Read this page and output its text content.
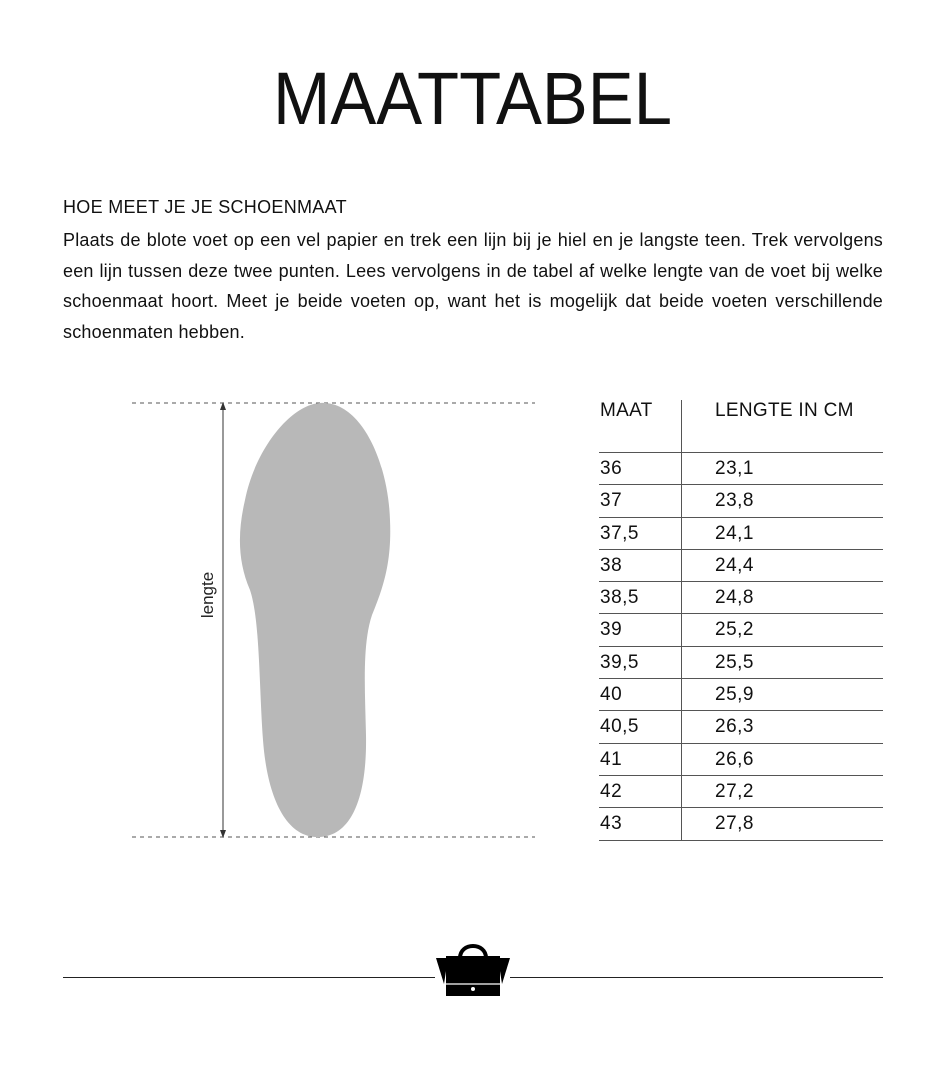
MAATTABEL
HOE MEET JE JE SCHOENMAAT
Plaats de blote voet op een vel papier en trek een lijn bij je hiel en je langste teen. Trek vervolgens een lijn tussen deze twee punten. Lees vervolgens in de tabel af welke lengte van de voet bij welke schoenmaat hoort. Meet je beide voeten op, want het is mogelijk dat beide voeten verschillende schoenmaten hebben.
lengte
MAAT	LENGTE IN CM
36	23,1
37	23,8
37,5	24,1
38	24,4
38,5	24,8
39	25,2
39,5	25,5
40	25,9
40,5	26,3
41	26,6
42	27,2
43	27,8
